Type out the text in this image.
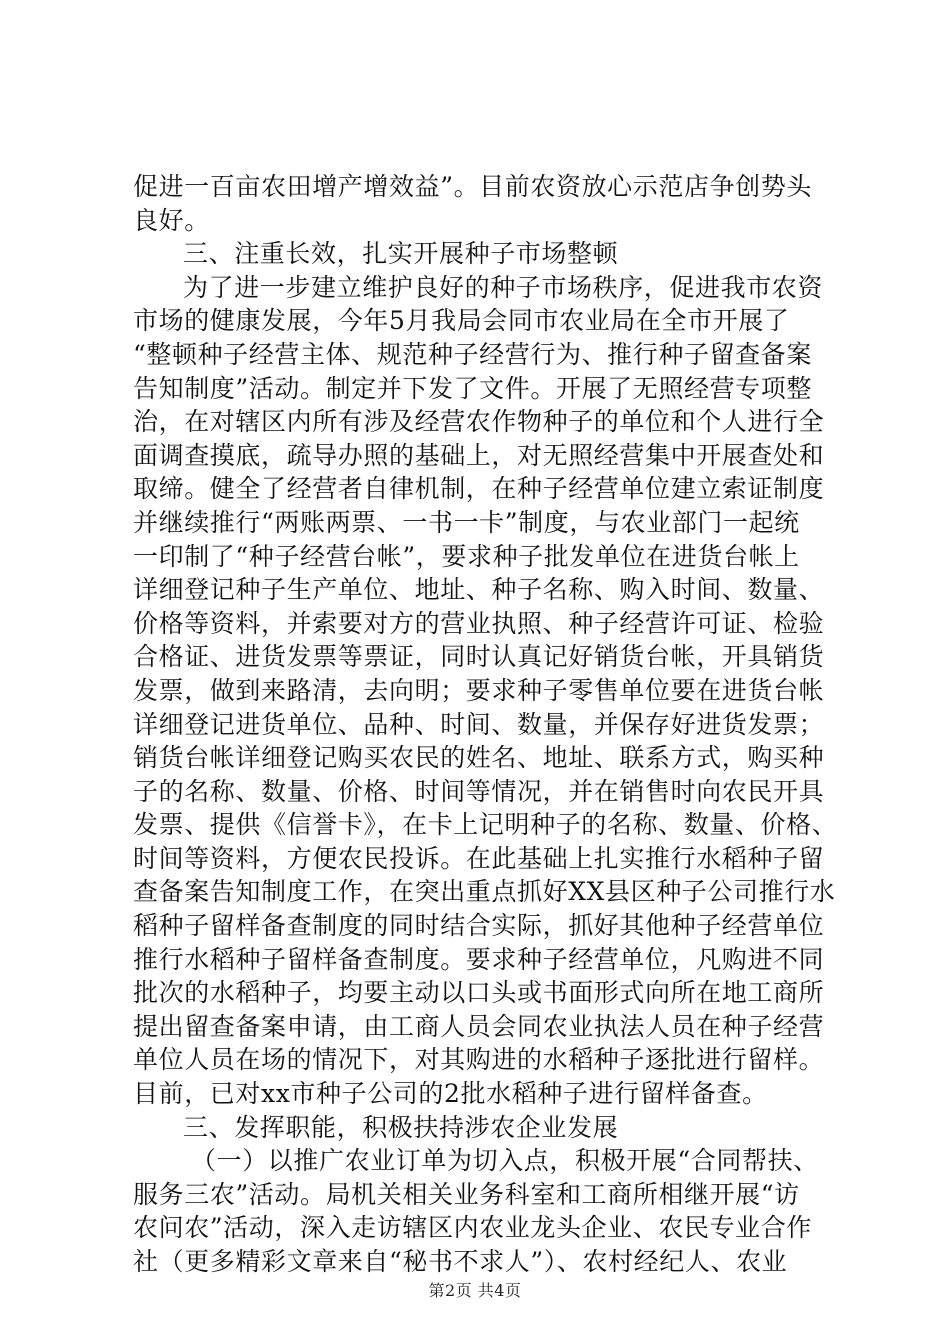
促进一百亩农田增产增效益”。目前农资放心示范店争创势头
良好。
三、注重长效，扎实开展种子市场整顿
为了进一步建立维护良好的种子市场秩序，促进我市农资
市场的健康发展，今年5月我局会同市农业局在全市开展了
“整顿种子经营主体、规范种子经营行为、推行种子留查备案
告知制度”活动。制定并下发了文件。开展了无照经营专项整
治，在对辖区内所有涉及经营农作物种子的单位和个人进行全
面调查摸底，疏导办照的基础上，对无照经营集中开展查处和
取缔。健全了经营者自律机制，在种子经营单位建立索证制度
并继续推行“两账两票、一书一卡”制度，与农业部门一起统
一印制了“种子经营台帐”，要求种子批发单位在进货台帐上
详细登记种子生产单位、地址、种子名称、购入时间、数量、
价格等资料，并索要对方的营业执照、种子经营许可证、检验
合格证、进货发票等票证，同时认真记好销货台帐，开具销货
发票，做到来路清，去向明；要求种子零售单位要在进货台帐
详细登记进货单位、品种、时间、数量，并保存好进货发票；
销货台帐详细登记购买农民的姓名、地址、联系方式，购买种
子的名称、数量、价格、时间等情况，并在销售时向农民开具
发票、提供《信誉卡》，在卡上记明种子的名称、数量、价格、
时间等资料，方便农民投诉。在此基础上扎实推行水稻种子留
查备案告知制度工作，在突出重点抓好XX县区种子公司推行水
稻种子留样备查制度的同时结合实际，抓好其他种子经营单位
推行水稻种子留样备查制度。要求种子经营单位，凡购进不同
批次的水稻种子，均要主动以口头或书面形式向所在地工商所
提出留查备案申请，由工商人员会同农业执法人员在种子经营
单位人员在场的情况下，对其购进的水稻种子逐批进行留样。
目前，已对xx市种子公司的2批水稻种子进行留样备查。
三、发挥职能，积极扶持涉农企业发展
（一）以推广农业订单为切入点，积极开展“合同帮扶、
服务三农”活动。局机关相关业务科室和工商所相继开展“访
农问农”活动，深入走访辖区内农业龙头企业、农民专业合作
社（更多精彩文章来自“秘书不求人”）、农村经纪人、农业
第2页 共4页
